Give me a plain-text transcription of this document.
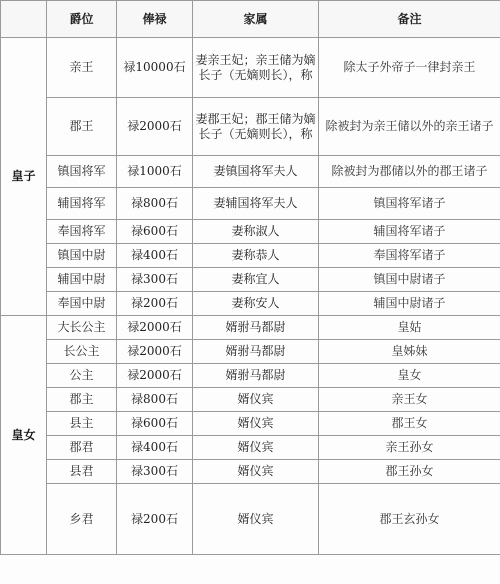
	爵位	俸禄	家属	备注
皇子	亲王	禄10000石	妻亲王妃；亲王储为嫡长子（无嫡则长），称	除太子外帝子一律封亲王
	郡王	禄2000石	妻郡王妃；郡王储为嫡长子（无嫡则长），称	除被封为亲王储以外的亲王诸子
	镇国将军	禄1000石	妻镇国将军夫人	除被封为郡储以外的郡王诸子
	辅国将军	禄800石	妻辅国将军夫人	镇国将军诸子
	奉国将军	禄600石	妻称淑人	辅国将军诸子
	镇国中尉	禄400石	妻称恭人	奉国将军诸子
	辅国中尉	禄300石	妻称宜人	镇国中尉诸子
	奉国中尉	禄200石	妻称安人	辅国中尉诸子
皇女	大长公主	禄2000石	婿驸马都尉	皇姑
	长公主	禄2000石	婿驸马都尉	皇姊妹
	公主	禄2000石	婿驸马都尉	皇女
	郡主	禄800石	婿仪宾	亲王女
	县主	禄600石	婿仪宾	郡王女
	郡君	禄400石	婿仪宾	亲王孙女
	县君	禄300石	婿仪宾	郡王孙女
	乡君	禄200石	婿仪宾	郡王玄孙女
